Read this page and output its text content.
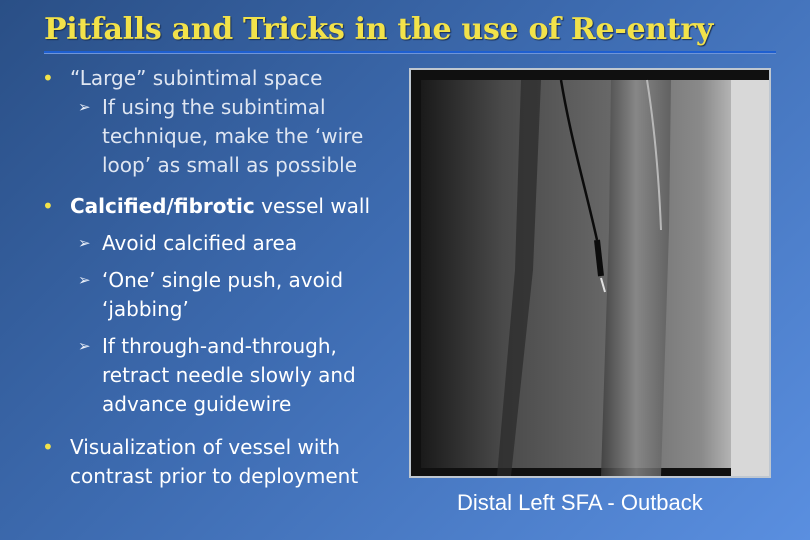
Pitfalls and Tricks in the use of Re-entry
• “Large” subintimal space
➢ If using the subintimal technique, make the ‘wire loop’ as small as possible
• Calcified/fibrotic vessel wall
➢ Avoid calcified area
➢ ‘One’ single push, avoid ‘jabbing’
➢ If through-and-through, retract needle slowly and advance guidewire
• Visualization of vessel with contrast prior to deployment
Distal Left SFA - Outback
